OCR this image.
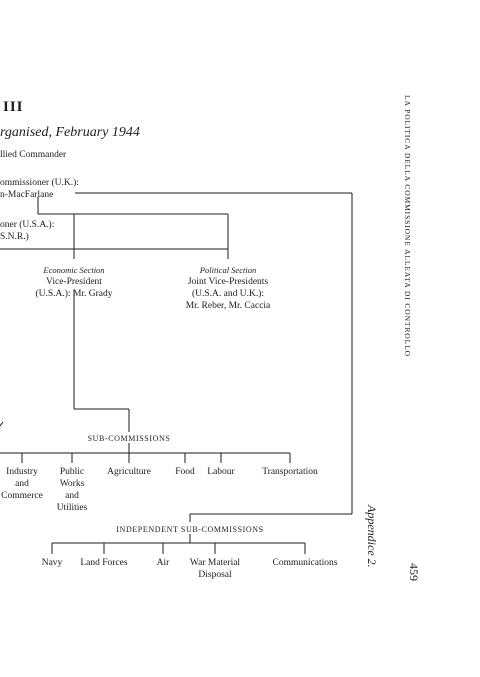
III
rganised, February 1944
llied Commander
ommissioner (U.K.):
n-MacFarlane
oner (U.S.A.):
S.N.R.)
Economic Section
Vice-President
(U.S.A.): Mr. Grady
Political Section
Joint Vice-Presidents
(U.S.A. and U.K.):
Mr. Reber, Mr. Caccia
SUB-COMMISSIONS
Industry
and
Commerce
Public
Works
and
Utilities
Agriculture	Food	Labour	Transportation
INDEPENDENT SUB-COMMISSIONS
Navy	Land Forces	Air	War Material
Disposal
Communications
LA POLITICA DELLA COMMISSIONE ALLEATA DI CONTROLLO
Appendice 2.
459
